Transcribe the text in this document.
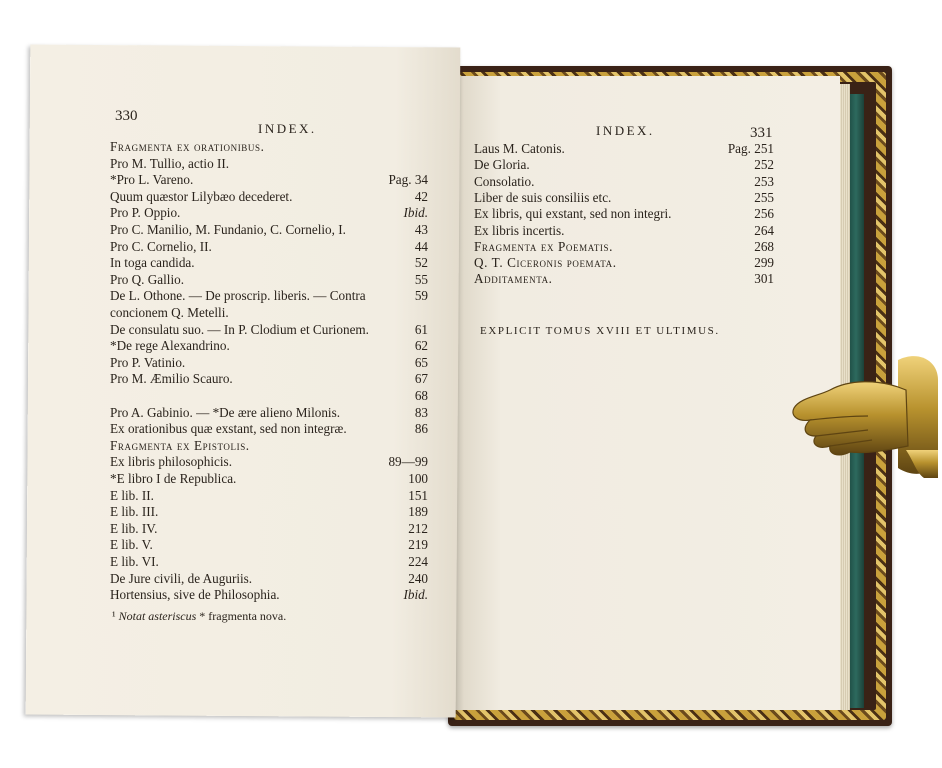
INDEX.	331
Laus M. Catonis.	Pag. 251
De Gloria.	252
Consolatio.	253
Liber de suis consiliis etc.	255
Ex libris, qui exstant, sed non integri.	256
Ex libris incertis.	264
Fragmenta ex Poematis.	268
Q. T. Ciceronis poemata.	299
Additamenta.	301
EXPLICIT TOMUS XVIII ET ULTIMUS.
330
INDEX.
Fragmenta ex orationibus.
Pro M. Tullio, actio II.
*Pro L. Vareno.	Pag. 34
Quum quæstor Lilybæo decederet.	42
Pro P. Oppio.	Ibid.
Pro C. Manilio, M. Fundanio, C. Cornelio, I.	43
Pro C. Cornelio, II.	44
In toga candida.	52
Pro Q. Gallio.	55
De L. Othone. — De proscrip. liberis. — Contra	59
concionem Q. Metelli.
De consulatu suo. — In P. Clodium et Curionem.	61
*De rege Alexandrino.	62
Pro P. Vatinio.	65
Pro M. Æmilio Scauro.	67
68
Pro A. Gabinio. — *De ære alieno Milonis.	83
Ex orationibus quæ exstant, sed non integræ.	86
Fragmenta ex Epistolis.
Ex libris philosophicis.	89—99
*E libro I de Republica.	100
E lib. II.	151
E lib. III.	189
E lib. IV.	212
E lib. V.	219
E lib. VI.	224
De Jure civili, de Auguriis.	240
Hortensius, sive de Philosophia.	Ibid.
¹ Notat asteriscus * fragmenta nova.
